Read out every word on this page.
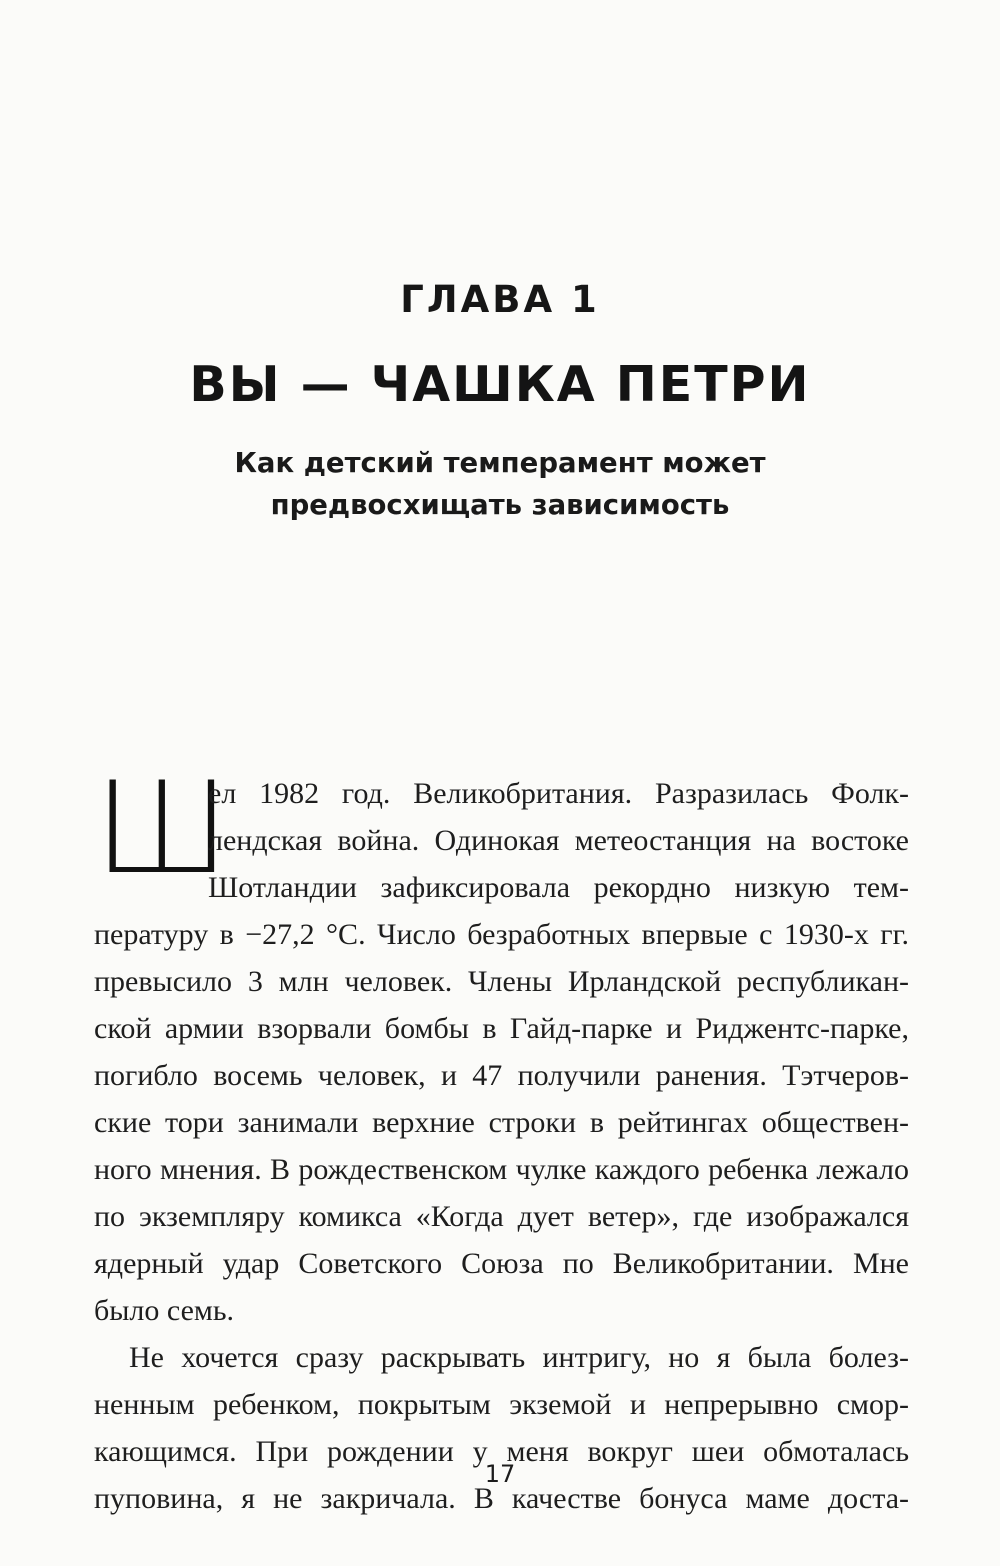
ГЛАВА 1
ВЫ — ЧАШКА ПЕТРИ
Как детский темперамент может
предвосхищать зависимость
Ш
ел 1982 год. Великобритания. Разразилась Фолк-
лендская война. Одинокая метеостанция на востоке
Шотландии зафиксировала рекордно низкую тем-
пературу в −27,2 °С. Число безработных впервые с 1930-х гг.
превысило 3 млн человек. Члены Ирландской республикан-
ской армии взорвали бомбы в Гайд-парке и Риджентс-парке,
погибло восемь человек, и 47 получили ранения. Тэтчеров-
ские тори занимали верхние строки в рейтингах обществен-
ного мнения. В рождественском чулке каждого ребенка лежало
по экземпляру комикса «Когда дует ветер», где изображался
ядерный удар Советского Союза по Великобритании. Мне
было семь.
Не хочется сразу раскрывать интригу, но я была болез-
ненным ребенком, покрытым экземой и непрерывно смор-
кающимся. При рождении у меня вокруг шеи обмоталась
пуповина, я не закричала. В качестве бонуса маме доста-
17
